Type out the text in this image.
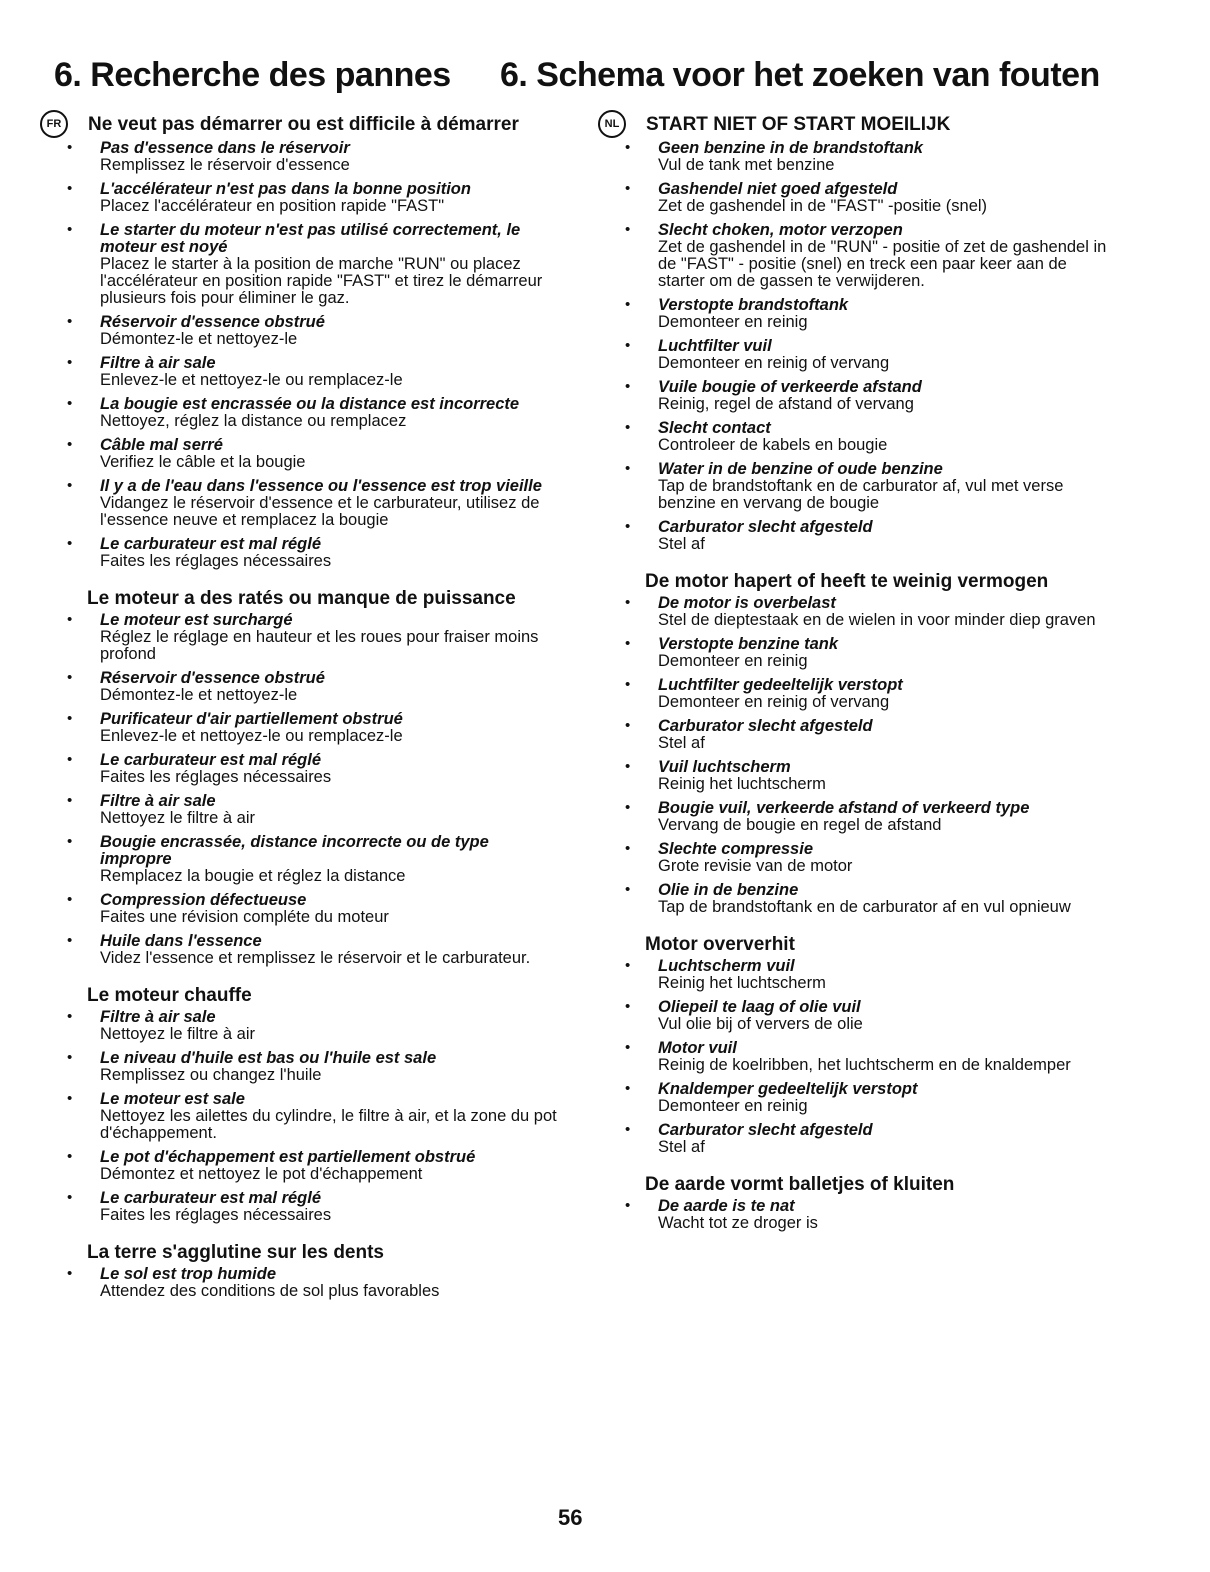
6. Recherche des pannes 6. Schema voor het zoeken van fouten
FR	Ne veut pas démarrer ou est difficile à démarrer
• Pas d'essence dans le réservoir
Remplissez le réservoir d'essence
• L'accélérateur n'est pas dans la bonne position
Placez l'accélérateur en position rapide "FAST"
• Le starter du moteur n'est pas utilisé correctement, le moteur est noyé
Placez le starter à la position de marche "RUN" ou placez l'accélérateur en position rapide "FAST" et tirez le démarreur plusieurs fois pour éliminer le gaz.
• Réservoir d'essence obstrué
Démontez-le et nettoyez-le
• Filtre à air sale
Enlevez-le et nettoyez-le ou remplacez-le
• La bougie est encrassée ou la distance est incorrecte
Nettoyez, réglez la distance ou remplacez
• Câble mal serré
Verifiez le câble et la bougie
• Il y a de l'eau dans l'essence ou l'essence est trop vieille
Vidangez le réservoir d'essence et le carburateur, utilisez de l'essence neuve et remplacez la bougie
• Le carburateur est mal réglé
Faites les réglages nécessaires
Le moteur a des ratés ou manque de puissance
• Le moteur est surchargé
Réglez le réglage en hauteur et les roues pour fraiser moins profond
• Réservoir d'essence obstrué
Démontez-le et nettoyez-le
• Purificateur d'air partiellement obstrué
Enlevez-le et nettoyez-le ou remplacez-le
• Le carburateur est mal réglé
Faites les réglages nécessaires
• Filtre à air sale
Nettoyez le filtre à air
• Bougie encrassée, distance incorrecte ou de type impropre
Remplacez la bougie et réglez la distance
• Compression défectueuse
Faites une révision compléte du moteur
• Huile dans l'essence
Videz l'essence et remplissez le réservoir et le carburateur.
Le moteur chauffe
• Filtre à air sale
Nettoyez le filtre à air
• Le niveau d'huile est bas ou l'huile est sale
Remplissez ou changez l'huile
• Le moteur est sale
Nettoyez les ailettes du cylindre, le filtre à air, et la zone du pot d'échappement.
• Le pot d'échappement est partiellement obstrué
Démontez et nettoyez le pot d'échappement
• Le carburateur est mal réglé
Faites les réglages nécessaires
La terre s'agglutine sur les dents
• Le sol est trop humide
Attendez des conditions de sol plus favorables
NL	START NIET OF START MOEILIJK
• Geen benzine in de brandstoftank
Vul de tank met benzine
• Gashendel niet goed afgesteld
Zet de gashendel in de "FAST" -positie (snel)
• Slecht choken, motor verzopen
Zet de gashendel in de "RUN" - positie of zet de gashendel in de "FAST" - positie (snel) en treck een paar keer aan de starter om de gassen te verwijderen.
• Verstopte brandstoftank
Demonteer en reinig
• Luchtfilter vuil
Demonteer en reinig of vervang
• Vuile bougie of verkeerde afstand
Reinig, regel de afstand of vervang
• Slecht contact
Controleer de kabels en bougie
• Water in de benzine of oude benzine
Tap de brandstoftank en de carburator af, vul met verse benzine en vervang de bougie
• Carburator slecht afgesteld
Stel af
De motor hapert of heeft te weinig vermogen
• De motor is overbelast
Stel de dieptestaak en de wielen in voor minder diep graven
• Verstopte benzine tank
Demonteer en reinig
• Luchtfilter gedeeltelijk verstopt
Demonteer en reinig of vervang
• Carburator slecht afgesteld
Stel af
• Vuil luchtscherm
Reinig het luchtscherm
• Bougie vuil, verkeerde afstand of verkeerd type
Vervang de bougie en regel de afstand
• Slechte compressie
Grote revisie van de motor
• Olie in de benzine
Tap de brandstoftank en de carburator af en vul opnieuw
Motor oververhit
• Luchtscherm vuil
Reinig het luchtscherm
• Oliepeil te laag of olie vuil
Vul olie bij of ververs de olie
• Motor vuil
Reinig de koelribben, het luchtscherm en de knaldemper
• Knaldemper gedeeltelijk verstopt
Demonteer en reinig
• Carburator slecht afgesteld
Stel af
De aarde vormt balletjes of kluiten
• De aarde is te nat
Wacht tot ze droger is
56
